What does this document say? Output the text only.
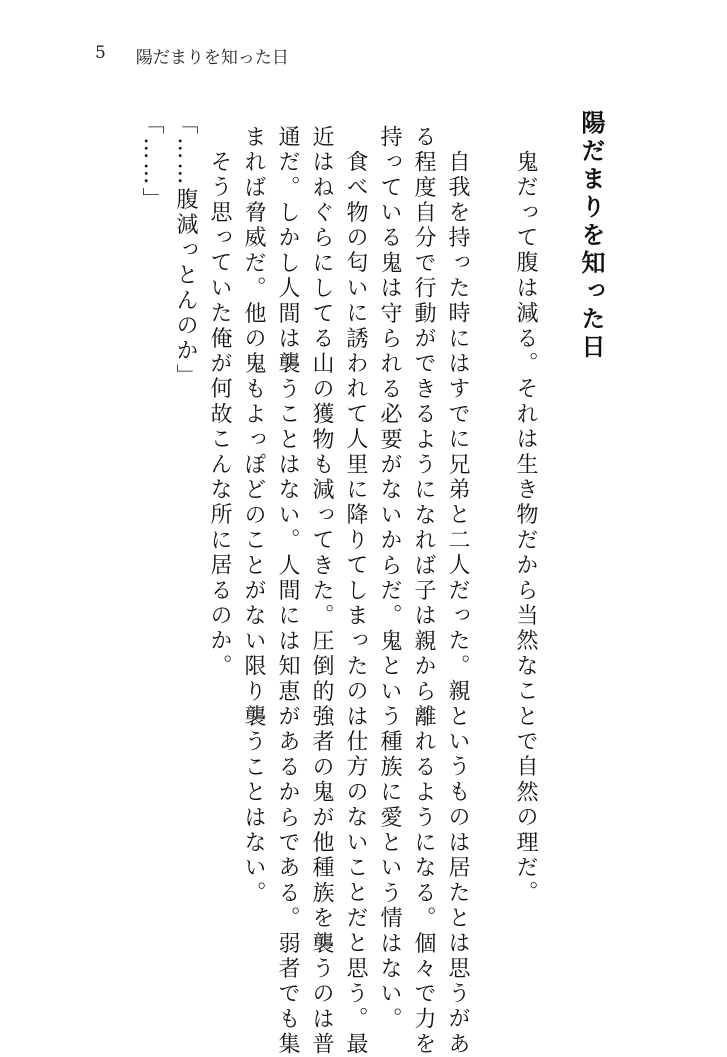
5 陽だまりを知った日
陽だまりを知った日
鬼だって腹は減る。それは生き物だから当然なことで自然の理だ。
自我を持った時にはすでに兄弟と二人だった。親というものは居たとは思うがあ
る程度自分で行動ができるようになれば子は親から離れるようになる。個々で力を
持っている鬼は守られる必要がないからだ。鬼という種族に愛という情はない。
食べ物の匂いに誘われて人里に降りてしまったのは仕方のないことだと思う。最
近はねぐらにしてる山の獲物も減ってきた。圧倒的強者の鬼が他種族を襲うのは普
通だ。しかし人間は襲うことはない。人間には知恵があるからである。弱者でも集
まれば脅威だ。他の鬼もよっぽどのことがない限り襲うことはない。
そう思っていた俺が何故こんな所に居るのか。
「……腹減っとんのか」
「……」
